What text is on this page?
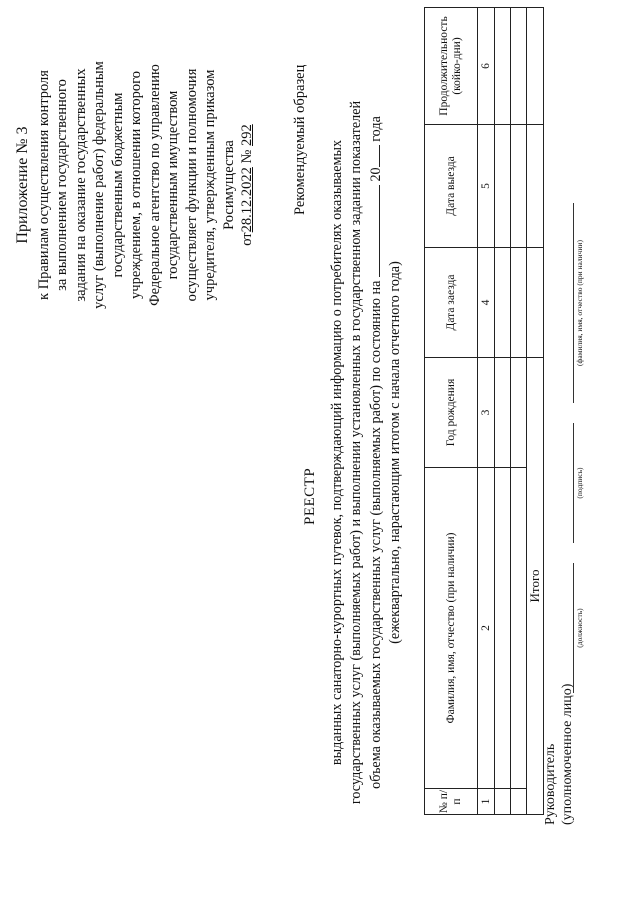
Приложение № 3 к Правилам осуществления контроля за выполнением государственного задания на оказание государственных услуг (выполнение работ) федеральным государственным бюджетным учреждением, в отношении которого Федеральное агентство по управлению государственным имуществом осуществляет функции и полномочия учредителя, утвержденным приказом Росимущества
от28.12.2022 № 292	Рекомендуемый образец
РЕЕСТР выданных санаторно-курортных путевок, подтверждающий информацию о потребителях оказываемых государственных услуг (выполняемых работ) и выполнении установленных в государственном задании показателей объема оказываемых государственных услуг (выполняемых работ) по состоянию на  20 года
(ежеквартально, нарастающим итогом с начала отчетного года)
№ п/п	Фамилия, имя, отчество (при наличии)	Год рождения	Дата заезда	Дата выезда	Продолжительность (койко-дни)
1	2	3	4	5	6

Итого					
Руководитель (уполномоченное лицо)
(должность)
(подпись)
(фамилия, имя, отчество (при наличии)
